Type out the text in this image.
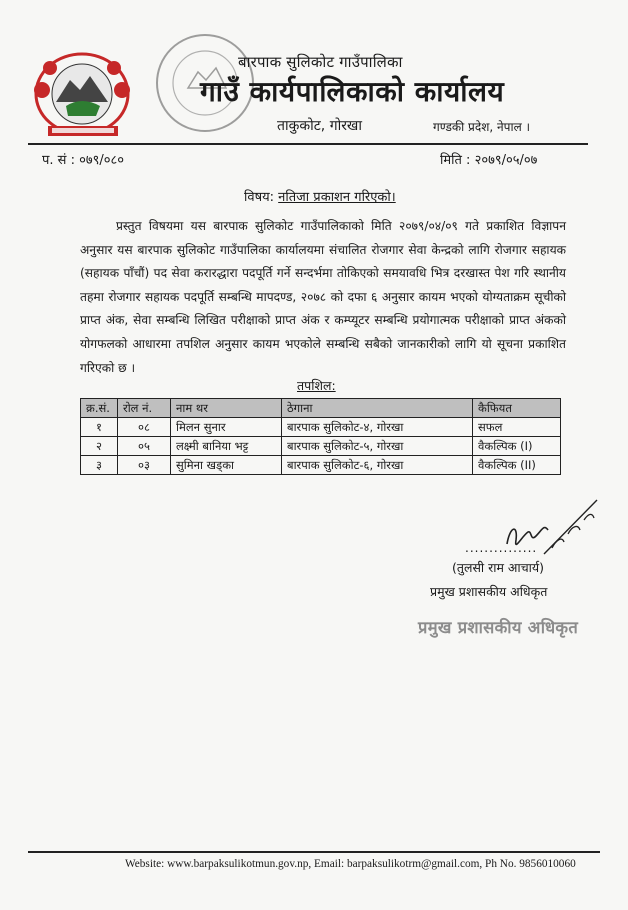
बारपाक सुलिकोट गाउँपालिका
गाउँ कार्यपालिकाको कार्यालय
ताकुकोट, गोरखा	गण्डकी प्रदेश, नेपाल ।
प. सं : ०७९/०८०	मिति : २०७९/०५/०७
विषय: नतिजा प्रकाशन गरिएको।

प्रस्तुत विषयमा यस बारपाक सुलिकोट गाउँपालिकाको मिति २०७९/०४/०९ गते प्रकाशित विज्ञापन अनुसार यस बारपाक सुलिकोट गाउँपालिका कार्यालयमा संचालित रोजगार सेवा केन्द्रको लागि रोजगार सहायक (सहायक पाँचौं) पद सेवा करारद्धारा पदपूर्ति गर्ने सन्दर्भमा तोकिएको समयावधि भित्र दरखास्त पेश गरि स्थानीय तहमा रोजगार सहायक पदपूर्ति सम्बन्धि मापदण्ड, २०७८ को दफा ६ अनुसार कायम भएको योग्यताक्रम सूचीको प्राप्त अंक, सेवा सम्बन्धि लिखित परीक्षाको प्राप्त अंक र कम्प्यूटर सम्बन्धि प्रयोगात्मक परीक्षाको प्राप्त अंकको योगफलको आधारमा तपशिल अनुसार कायम भएकोले सम्बन्धि सबैको जानकारीको लागि यो सूचना प्रकाशित गरिएको छ ।

तपशिल:
क्र.सं.	रोल नं.	नाम थर	ठेगाना	कैफियत
१	०८	मिलन सुनार	बारपाक सुलिकोट-४, गोरखा	सफल
२	०५	लक्ष्मी बानिया भट्ट	बारपाक सुलिकोट-५, गोरखा	वैकल्पिक (I)
३	०३	सुमिना खड्का	बारपाक सुलिकोट-६, गोरखा	वैकल्पिक (II)
...............
(तुलसी राम आचार्य)
प्रमुख प्रशासकीय अधिकृत
प्रमुख प्रशासकीय अधिकृत
Website: www.barpaksulikotmun.gov.np, Email: barpaksulikotrm@gmail.com, Ph No. 9856010060
